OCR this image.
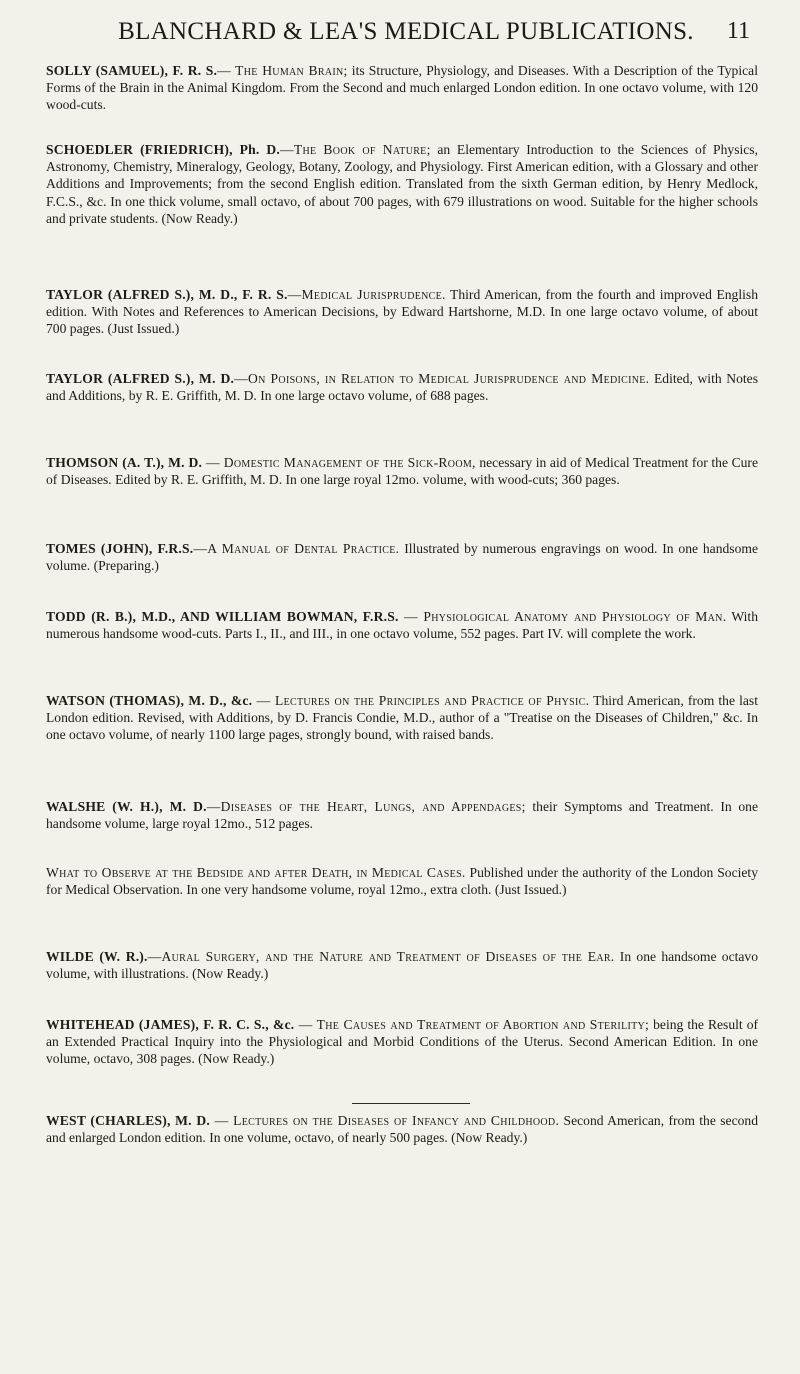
BLANCHARD & LEA'S MEDICAL PUBLICATIONS. 11

SOLLY (SAMUEL), F. R. S.— The Human Brain; its Structure, Physiology, and Diseases. With a Description of the Typical Forms of the Brain in the Animal Kingdom. From the Second and much enlarged London edition. In one octavo volume, with 120 wood-cuts.

SCHOEDLER (FRIEDRICH), Ph. D.—The Book of Nature; an Elementary Introduction to the Sciences of Physics, Astronomy, Chemistry, Mineralogy, Geology, Botany, Zoology, and Physiology. First American edition, with a Glossary and other Additions and Improvements; from the second English edition. Translated from the sixth German edition, by Henry Medlock, F.C.S., &c. In one thick volume, small octavo, of about 700 pages, with 679 illustrations on wood. Suitable for the higher schools and private students. (Now Ready.)

TAYLOR (ALFRED S.), M. D., F. R. S.—Medical Jurisprudence. Third American, from the fourth and improved English edition. With Notes and References to American Decisions, by Edward Hartshorne, M.D. In one large octavo volume, of about 700 pages. (Just Issued.)

TAYLOR (ALFRED S.), M. D.—On Poisons, in Relation to Medical Jurisprudence and Medicine. Edited, with Notes and Additions, by R. E. Griffith, M. D. In one large octavo volume, of 688 pages.

THOMSON (A. T.), M. D. — Domestic Management of the Sick-Room, necessary in aid of Medical Treatment for the Cure of Diseases. Edited by R. E. Griffith, M. D. In one large royal 12mo. volume, with wood-cuts; 360 pages.

TOMES (JOHN), F.R.S.—A Manual of Dental Practice. Illustrated by numerous engravings on wood. In one handsome volume. (Preparing.)

TODD (R. B.), M.D., AND WILLIAM BOWMAN, F.R.S. — Physiological Anatomy and Physiology of Man. With numerous handsome wood-cuts. Parts I., II., and III., in one octavo volume, 552 pages. Part IV. will complete the work.

WATSON (THOMAS), M. D., &c. — Lectures on the Principles and Practice of Physic. Third American, from the last London edition. Revised, with Additions, by D. Francis Condie, M.D., author of a "Treatise on the Diseases of Children," &c. In one octavo volume, of nearly 1100 large pages, strongly bound, with raised bands.

WALSHE (W. H.), M. D.—Diseases of the Heart, Lungs, and Appendages; their Symptoms and Treatment. In one handsome volume, large royal 12mo., 512 pages.

What to Observe at the Bedside and after Death, in Medical Cases. Published under the authority of the London Society for Medical Observation. In one very handsome volume, royal 12mo., extra cloth. (Just Issued.)

WILDE (W. R.).—Aural Surgery, and the Nature and Treatment of Diseases of the Ear. In one handsome octavo volume, with illustrations. (Now Ready.)

WHITEHEAD (JAMES), F. R. C. S., &c. — The Causes and Treatment of Abortion and Sterility; being the Result of an Extended Practical Inquiry into the Physiological and Morbid Conditions of the Uterus. Second American Edition. In one volume, octavo, 308 pages. (Now Ready.)

WEST (CHARLES), M. D. — Lectures on the Diseases of Infancy and Childhood. Second American, from the second and enlarged London edition. In one volume, octavo, of nearly 500 pages. (Now Ready.)
